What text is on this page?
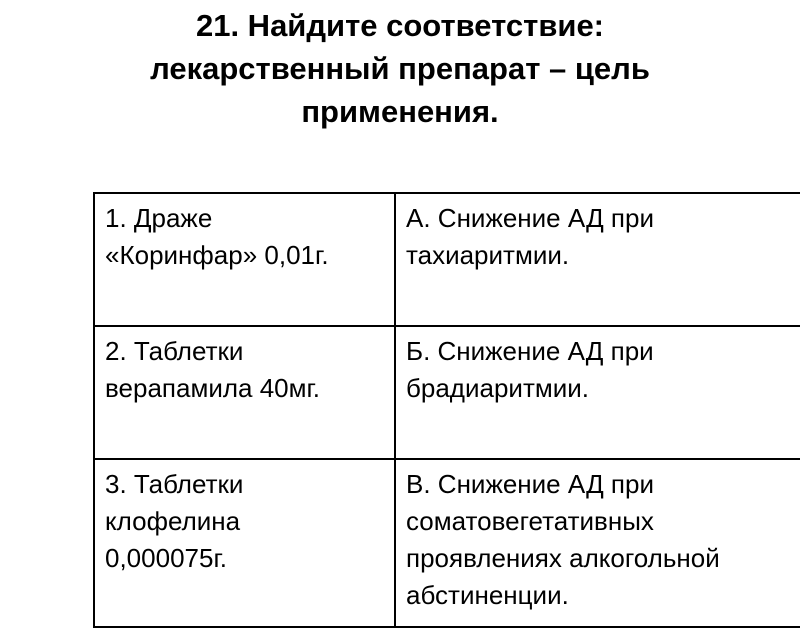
21. Найдите соответствие:
лекарственный препарат – цель
применения.
1. Драже
«Коринфар» 0,01г.	А. Снижение АД при
тахиаритмии.

2. Таблетки
верапамила 40мг.	Б. Снижение АД при
брадиаритмии.

3. Таблетки
клофелина
0,000075г.	В. Снижение АД при
соматовегетативных
проявлениях алкогольной
абстиненции.
